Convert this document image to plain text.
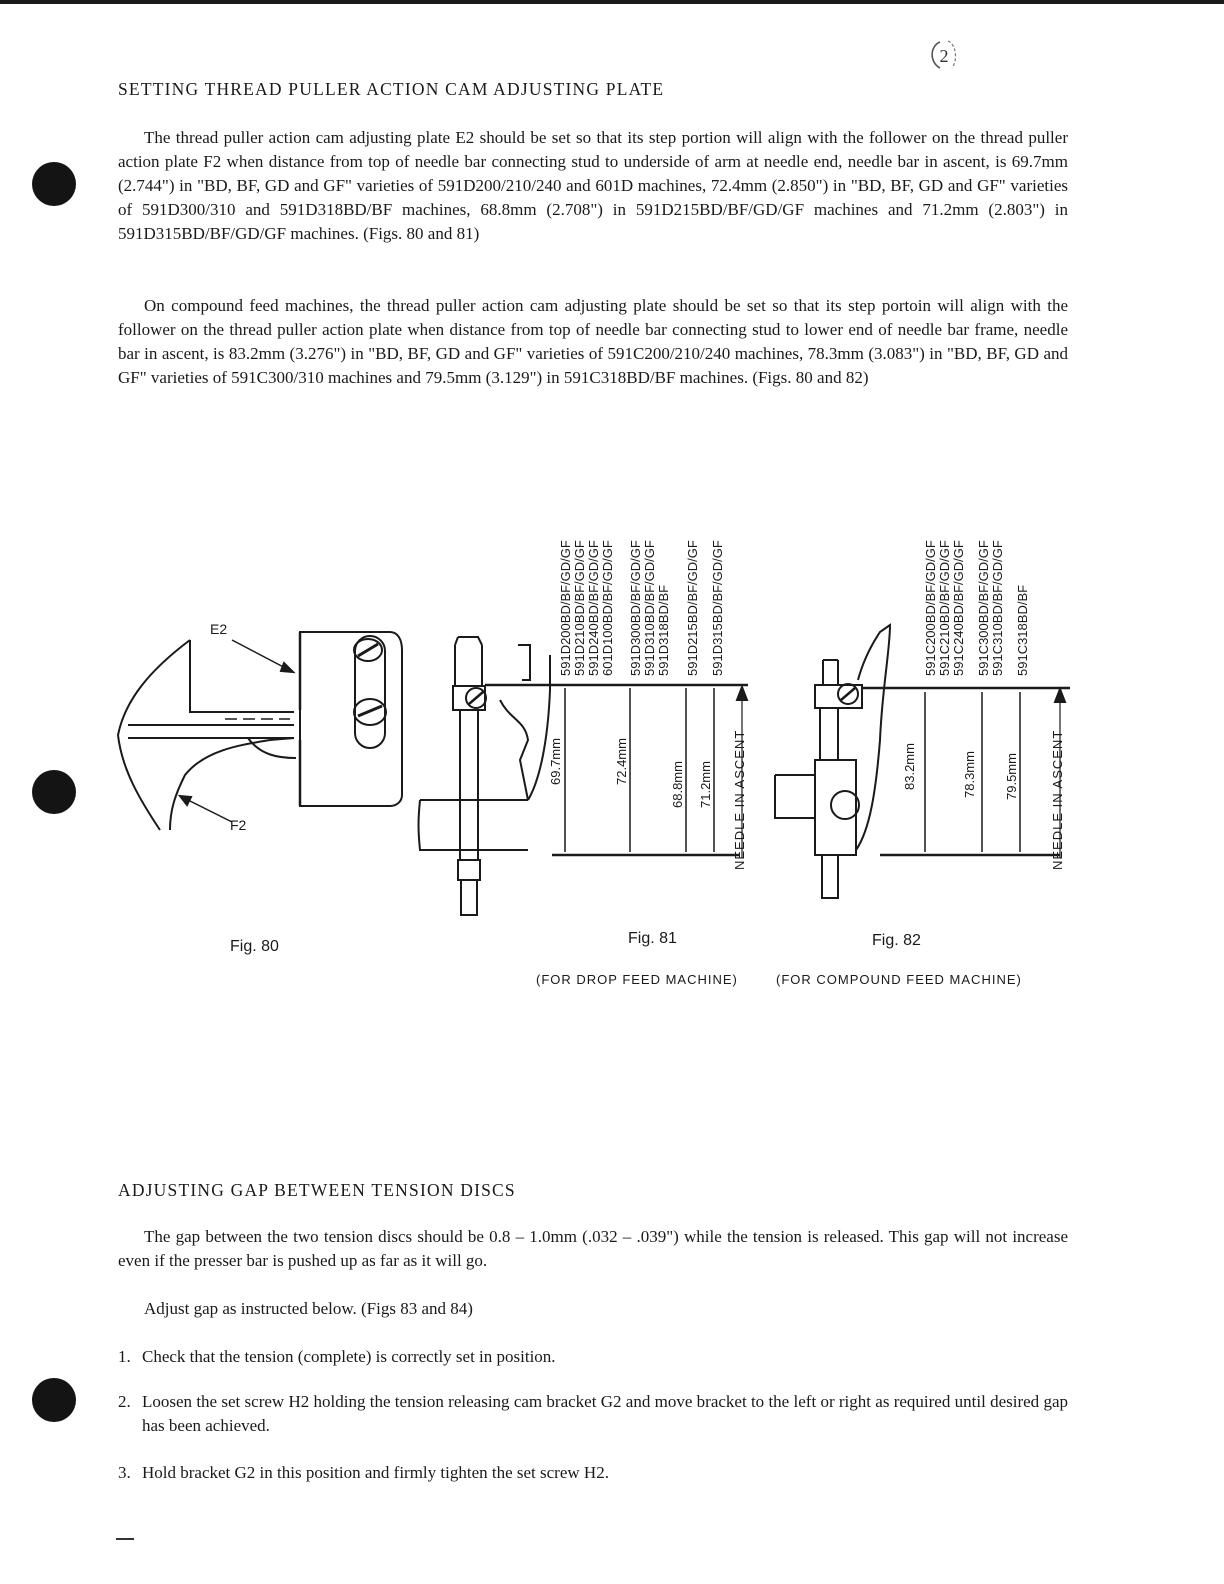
2
SETTING THREAD PULLER ACTION CAM ADJUSTING PLATE

The thread puller action cam adjusting plate E2 should be set so that its step portion will align with the follower on the thread puller action plate F2 when distance from top of needle bar connecting stud to underside of arm at needle end, needle bar in ascent, is 69.7mm (2.744") in "BD, BF, GD and GF" varieties of 591D200/210/240 and 601D machines, 72.4mm (2.850") in "BD, BF, GD and GF" varieties of 591D300/310 and 591D318BD/BF machines, 68.8mm (2.708") in 591D215BD/BF/GD/GF machines and 71.2mm (2.803") in 591D315BD/BF/GD/GF machines. (Figs. 80 and 81)

On compound feed machines, the thread puller action cam adjusting plate should be set so that its step portoin will align with the follower on the thread puller action plate when distance from top of needle bar connecting stud to lower end of needle bar frame, needle bar in ascent, is 83.2mm (3.276") in "BD, BF, GD and GF" varieties of 591C200/210/240 machines, 78.3mm (3.083") in "BD, BF, GD and GF" varieties of 591C300/310 machines and 79.5mm (3.129") in 591C318BD/BF machines. (Figs. 80 and 82)

E2
F2
591D200BD/BF/GD/GF 591D210BD/BF/GD/GF 591D240BD/BF/GD/GF 601D100BD/BF/GD/GF 591D300BD/BF/GD/GF 591D310BD/BF/GD/GF 591D318BD/BF 591D215BD/BF/GD/GF 591D315BD/BF/GD/GF
69.7mm	72.4mm	68.8mm 71.2mm NEEDLE IN ASCENT
591C200BD/BF/GD/GF 591C210BD/BF/GD/GF 591C240BD/BF/GD/GF 591C300BD/BF/GD/GF 591C310BD/BF/GD/GF 591C318BD/BF
83.2mm	78.3mm 79.5mm NEEDLE IN ASCENT
Fig. 80	Fig. 81	Fig. 82
(FOR DROP FEED MACHINE)	(FOR COMPOUND FEED MACHINE)
ADJUSTING GAP BETWEEN TENSION DISCS

The gap between the two tension discs should be 0.8 – 1.0mm (.032 – .039") while the tension is released. This gap will not increase even if the presser bar is pushed up as far as it will go.

Adjust gap as instructed below. (Figs 83 and 84)

1. Check that the tension (complete) is correctly set in position.
2. Loosen the set screw H2 holding the tension releasing cam bracket G2 and move bracket to the left or right as required until desired gap has been achieved.
3. Hold bracket G2 in this position and firmly tighten the set screw H2.
